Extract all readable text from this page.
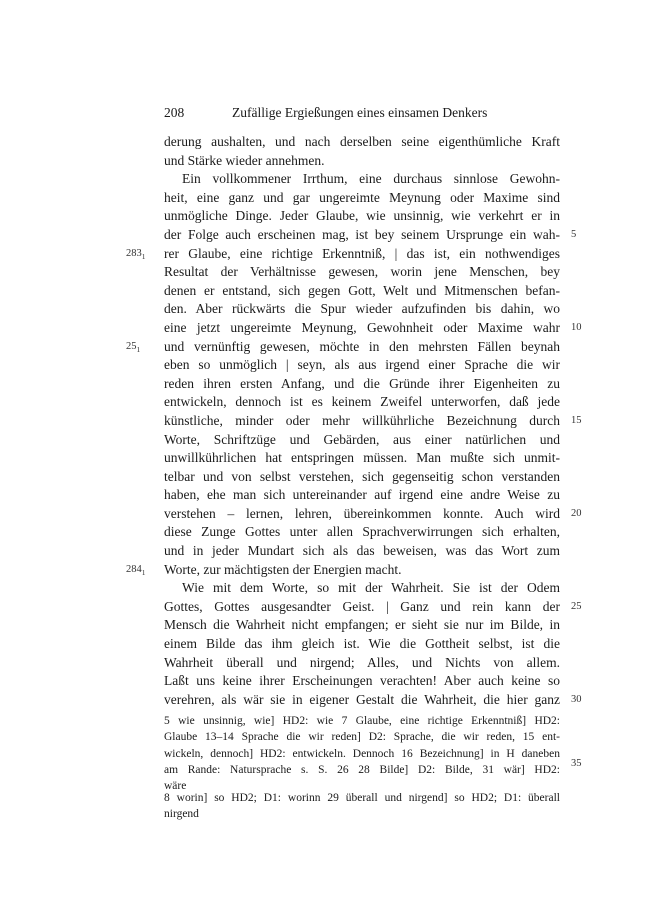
208	Zufällige Ergießungen eines einsamen Denkers
derung aushalten, und nach derselben seine eigenthümliche Kraft
und Stärke wieder annehmen.
Ein vollkommener Irrthum, eine durchaus sinnlose Gewohn-
heit, eine ganz und gar ungereimte Meynung oder Maxime sind
unmögliche Dinge. Jeder Glaube, wie unsinnig, wie verkehrt er in
der Folge auch erscheinen mag, ist bey seinem Ursprunge ein wah-
rer Glaube, eine richtige Erkenntniß, | das ist, ein nothwendiges
Resultat der Verhältnisse gewesen, worin jene Menschen, bey
denen er entstand, sich gegen Gott, Welt und Mitmenschen befan-
den. Aber rückwärts die Spur wieder aufzufinden bis dahin, wo
eine jetzt ungereimte Meynung, Gewohnheit oder Maxime wahr
und vernünftig gewesen, möchte in den mehrsten Fällen beynah
eben so unmöglich | seyn, als aus irgend einer Sprache die wir
reden ihren ersten Anfang, und die Gründe ihrer Eigenheiten zu
entwickeln, dennoch ist es keinem Zweifel unterworfen, daß jede
künstliche, minder oder mehr willkührliche Bezeichnung durch
Worte, Schriftzüge und Gebärden, aus einer natürlichen und
unwillkührlichen hat entspringen müssen. Man mußte sich unmit-
telbar und von selbst verstehen, sich gegenseitig schon verstanden
haben, ehe man sich untereinander auf irgend eine andre Weise zu
verstehen – lernen, lehren, übereinkommen konnte. Auch wird
diese Zunge Gottes unter allen Sprachverwirrungen sich erhalten,
und in jeder Mundart sich als das beweisen, was das Wort zum
Worte, zur mächtigsten der Energien macht.
Wie mit dem Worte, so mit der Wahrheit. Sie ist der Odem
Gottes, Gottes ausgesandter Geist. | Ganz und rein kann der
Mensch die Wahrheit nicht empfangen; er sieht sie nur im Bilde, in
einem Bilde das ihm gleich ist. Wie die Gottheit selbst, ist die
Wahrheit überall und nirgend; Alles, und Nichts von allem.
Laßt uns keine ihrer Erscheinungen verachten! Aber auch keine so
verehren, als wär sie in eigener Gestalt die Wahrheit, die hier ganz
5
10
15
20
25
30
$283_1$
$25_1$
$284_1$
5 wie unsinnig, wie] HD2: wie 7 Glaube, eine richtige Erkenntniß] HD2:
Glaube 13–14 Sprache die wir reden] D2: Sprache, die wir reden, 15 ent-
wickeln, dennoch] HD2: entwickeln. Dennoch 16 Bezeichnung] in H daneben
am Rande: Natursprache s. S. 26 28 Bilde] D2: Bilde, 31 wär] HD2:
wäre
35
8 worin] so HD2; D1: worinn 29 überall und nirgend] so HD2; D1: überall
nirgend
